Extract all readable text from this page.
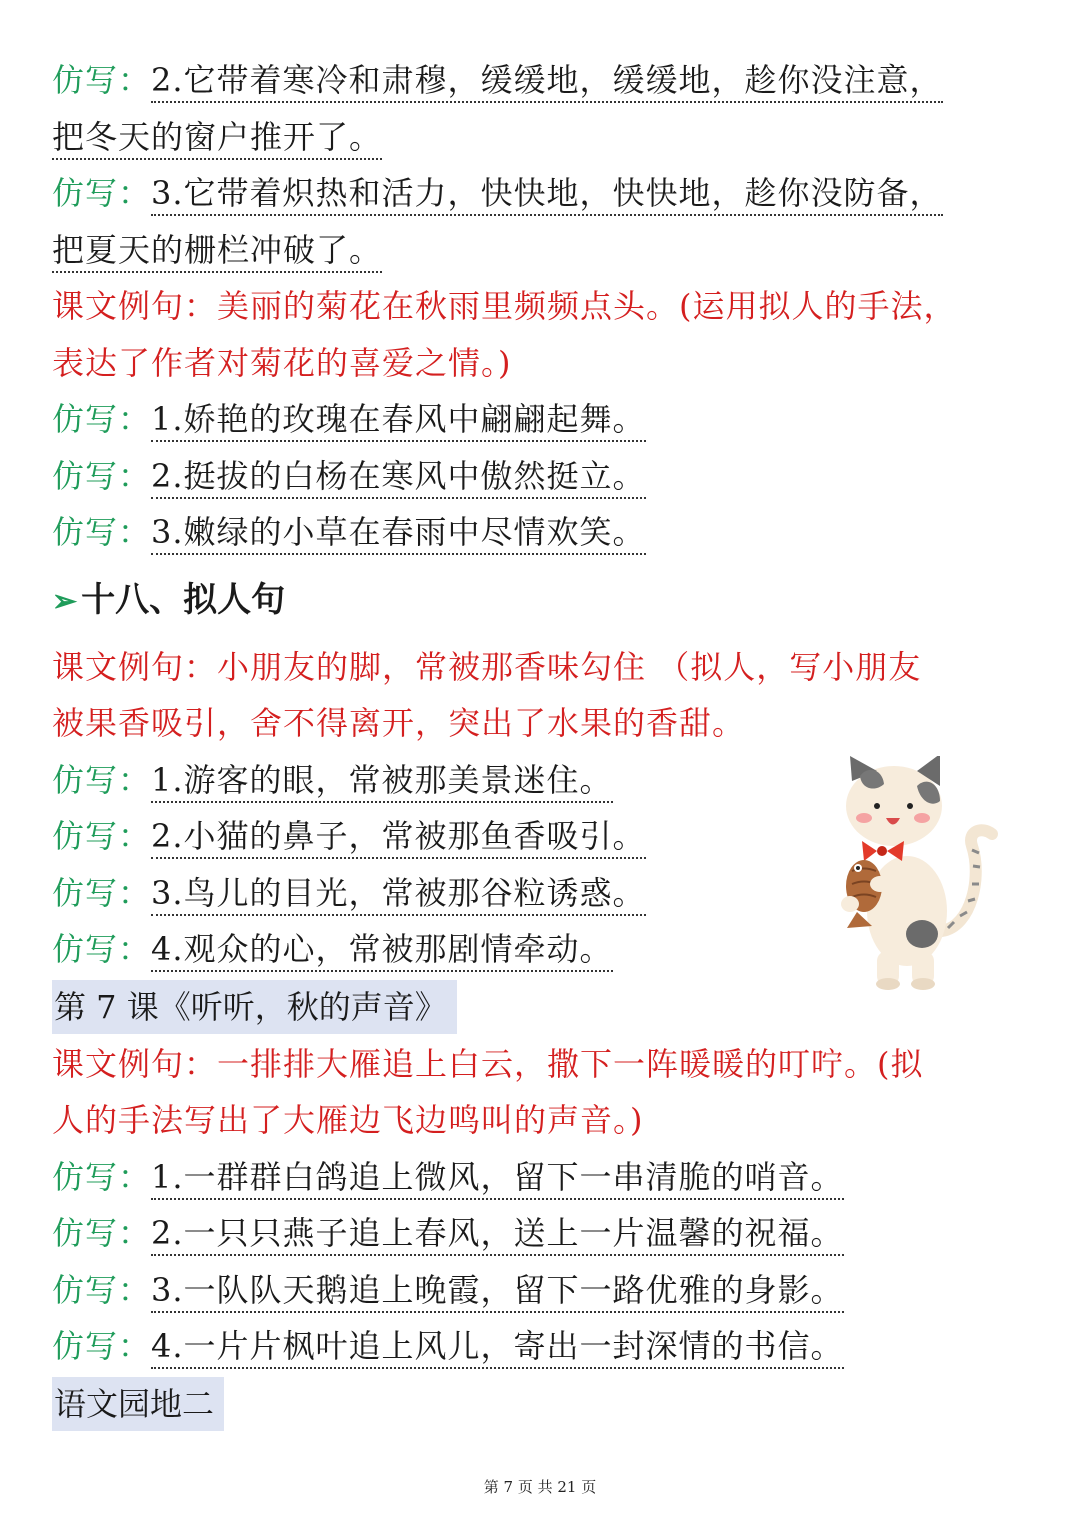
仿写：2.它带着寒冷和肃穆，缓缓地，缓缓地，趁你没注意，
把冬天的窗户推开了。
仿写：3.它带着炽热和活力，快快地，快快地，趁你没防备，
把夏天的栅栏冲破了。
课文例句：美丽的菊花在秋雨里频频点头。(运用拟人的手法，
表达了作者对菊花的喜爱之情。)
仿写：1.娇艳的玫瑰在春风中翩翩起舞。
仿写：2.挺拔的白杨在寒风中傲然挺立。
仿写：3.嫩绿的小草在春雨中尽情欢笑。
➢ 十八、拟人句
课文例句：小朋友的脚，常被那香味勾住 （拟人，写小朋友
被果香吸引，舍不得离开，突出了水果的香甜。
仿写：1.游客的眼，常被那美景迷住。
仿写：2.小猫的鼻子，常被那鱼香吸引。
仿写：3.鸟儿的目光，常被那谷粒诱惑。
仿写：4.观众的心，常被那剧情牵动。
第 7 课《听听，秋的声音》
课文例句：一排排大雁追上白云，撒下一阵暖暖的叮咛。(拟
人的手法写出了大雁边飞边鸣叫的声音。)
仿写：1.一群群白鸽追上微风，留下一串清脆的哨音。
仿写：2.一只只燕子追上春风，送上一片温馨的祝福。
仿写：3.一队队天鹅追上晚霞，留下一路优雅的身影。
仿写：4.一片片枫叶追上风儿，寄出一封深情的书信。
语文园地二
第 7 页 共 21 页
